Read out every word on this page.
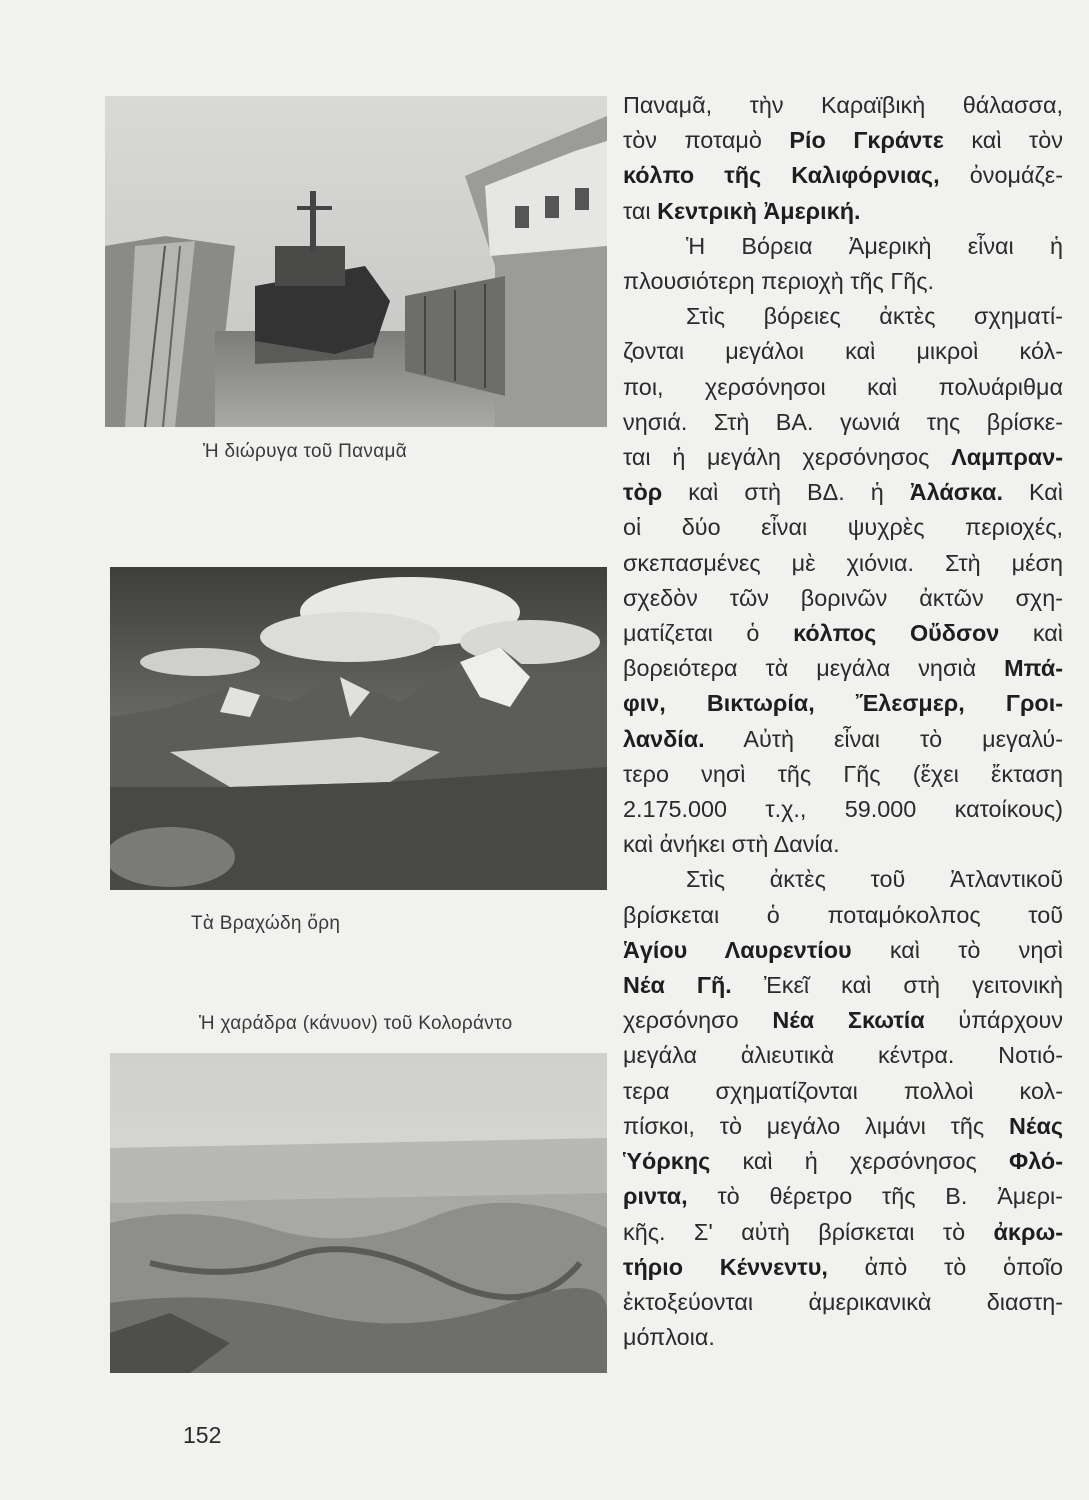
Ἡ διώρυγα τοῦ Παναμᾶ
Τὰ Βραχώδη ὄρη
Ἡ χαράδρα (κάνυον) τοῦ Κολοράντο
Παναμᾶ, τὴν Καραϊβικὴ θάλασσα,
τὸν ποταμὸ Ρίο Γκράντε καὶ τὸν
κόλπο τῆς Καλιφόρνιας, ὀνομάζε-
ται Κεντρικὴ Ἀμερική.
Ἡ Βόρεια Ἀμερικὴ εἶναι ἡ
πλουσιότερη περιοχὴ τῆς Γῆς.
Στὶς βόρειες ἀκτὲς σχηματί-
ζονται μεγάλοι καὶ μικροὶ κόλ-
ποι, χερσόνησοι καὶ πολυάριθμα
νησιά. Στὴ ΒΑ. γωνιά της βρίσκε-
ται ἡ μεγάλη χερσόνησος Λαμπραν-
τὸρ καὶ στὴ ΒΔ. ἡ Ἀλάσκα. Καὶ
οἱ δύο εἶναι ψυχρὲς περιοχές,
σκεπασμένες μὲ χιόνια. Στὴ μέση
σχεδὸν τῶν βορινῶν ἀκτῶν σχη-
ματίζεται ὁ κόλπος Οὔδσον καὶ
βορειότερα τὰ μεγάλα νησιὰ Μπά-
φιν, Βικτωρία, Ἔλεσμερ, Γροι-
λανδία. Αὐτὴ εἶναι τὸ μεγαλύ-
τερο νησὶ τῆς Γῆς (ἔχει ἔκταση
2.175.000 τ.χ., 59.000 κατοίκους)
καὶ ἀνήκει στὴ Δανία.
Στὶς ἀκτὲς τοῦ Ἀτλαντικοῦ
βρίσκεται ὁ ποταμόκολπος τοῦ
Ἁγίου Λαυρεντίου καὶ τὸ νησὶ
Νέα Γῆ. Ἐκεῖ καὶ στὴ γειτονικὴ
χερσόνησο Νέα Σκωτία ὑπάρχουν
μεγάλα ἁλιευτικὰ κέντρα. Νοτιό-
τερα σχηματίζονται πολλοὶ κολ-
πίσκοι, τὸ μεγάλο λιμάνι τῆς Νέας
Ὑόρκης καὶ ἡ χερσόνησος Φλό-
ριντα, τὸ θέρετρο τῆς Β. Ἀμερι-
κῆς. Σ' αὐτὴ βρίσκεται τὸ ἀκρω-
τήριο Κέννεντυ, ἀπὸ τὸ ὁποῖο
ἐκτοξεύονται ἀμερικανικὰ διαστη-
μόπλοια.
152
